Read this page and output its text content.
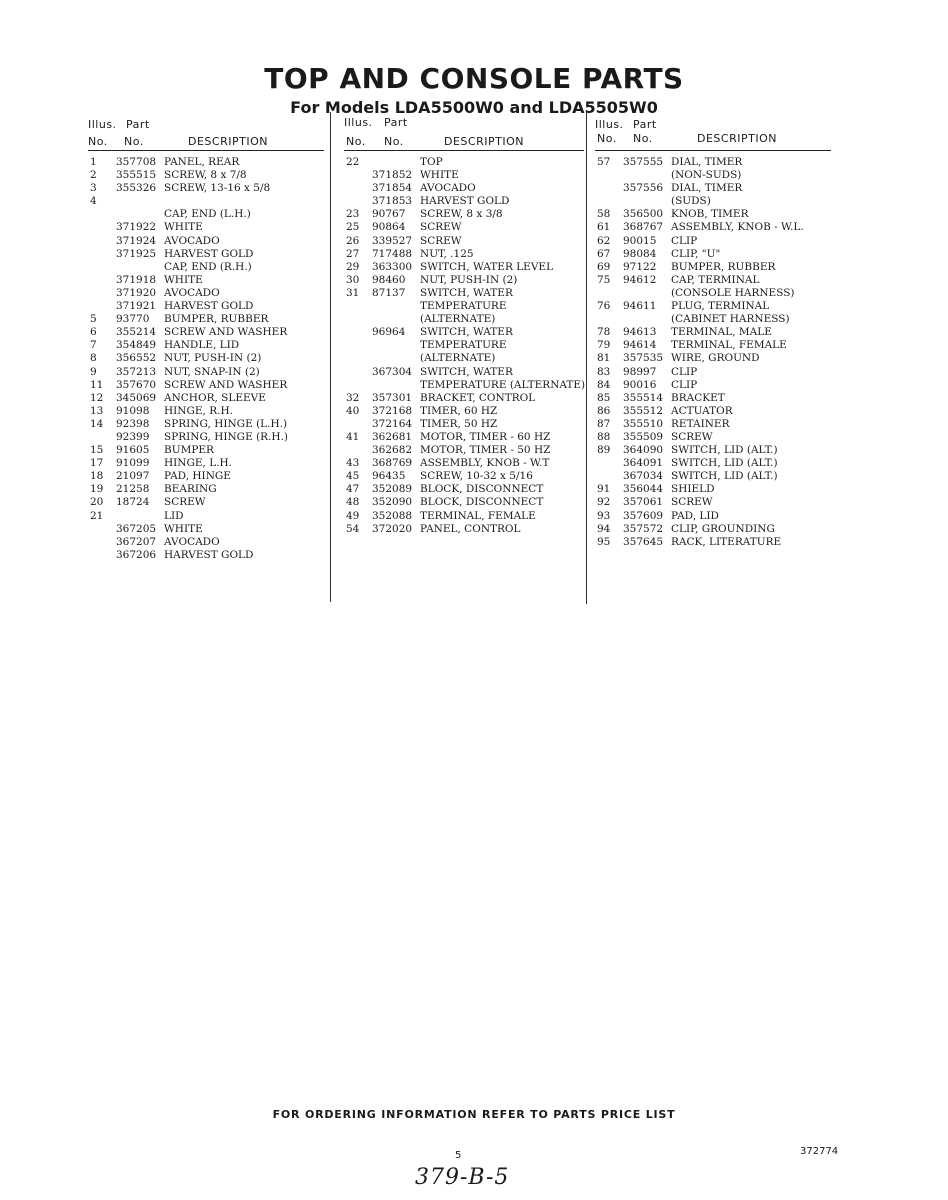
TOP AND CONSOLE PARTS
For Models LDA5500W0 and LDA5505W0
Illus. Part
No. No.	DESCRIPTION
1 357708 PANEL, REAR
2 355515 SCREW, 8 x 7/8
3 355326 SCREW, 13-16 x 5/8
4
CAP, END (L.H.)
371922 WHITE
371924 AVOCADO
371925 HARVEST GOLD
CAP, END (R.H.)
371918 WHITE
371920 AVOCADO
371921 HARVEST GOLD
5 93770 BUMPER, RUBBER
6 355214 SCREW AND WASHER
7 354849 HANDLE, LID
8 356552 NUT, PUSH-IN (2)
9 357213 NUT, SNAP-IN (2)
11 357670 SCREW AND WASHER
12 345069 ANCHOR, SLEEVE
13 91098 HINGE, R.H.
14 92398 SPRING, HINGE (L.H.)
92399 SPRING, HINGE (R.H.)
15 91605 BUMPER
17 91099 HINGE, L.H.
18 21097 PAD, HINGE
19 21258 BEARING
20 18724 SCREW
21	LID
367205 WHITE
367207 AVOCADO
367206 HARVEST GOLD
Illus. Part
No. No.	DESCRIPTION
22	TOP
371852 WHITE
371854 AVOCADO
371853 HARVEST GOLD
23 90767 SCREW, 8 x 3/8
25 90864 SCREW
26 339527 SCREW
27 717488 NUT, .125
29 363300 SWITCH, WATER LEVEL
30 98460 NUT, PUSH-IN (2)
31 87137 SWITCH, WATER
TEMPERATURE
(ALTERNATE)
96964 SWITCH, WATER
TEMPERATURE
(ALTERNATE)
367304 SWITCH, WATER
TEMPERATURE (ALTERNATE)
32 357301 BRACKET, CONTROL
40 372168 TIMER, 60 HZ
372164 TIMER, 50 HZ
41 362681 MOTOR, TIMER - 60 HZ
362682 MOTOR, TIMER - 50 HZ
43 368769 ASSEMBLY, KNOB - W.T
45 96435 SCREW, 10-32 x 5/16
47 352089 BLOCK, DISCONNECT
48 352090 BLOCK, DISCONNECT
49 352088 TERMINAL, FEMALE
54 372020 PANEL, CONTROL
Illus. Part
No. No.	DESCRIPTION
57 357555 DIAL, TIMER
(NON-SUDS)
357556 DIAL, TIMER
(SUDS)
58 356500 KNOB, TIMER
61 368767 ASSEMBLY, KNOB - W.L.
62 90015 CLIP
67 98084 CLIP, "U"
69 97122 BUMPER, RUBBER
75 94612 CAP, TERMINAL
(CONSOLE HARNESS)
76 94611 PLUG, TERMINAL
(CABINET HARNESS)
78 94613 TERMINAL, MALE
79 94614 TERMINAL, FEMALE
81 357535 WIRE, GROUND
83 98997 CLIP
84 90016 CLIP
85 355514 BRACKET
86 355512 ACTUATOR
87 355510 RETAINER
88 355509 SCREW
89 364090 SWITCH, LID (ALT.)
364091 SWITCH, LID (ALT.)
367034 SWITCH, LID (ALT.)
91 356044 SHIELD
92 357061 SCREW
93 357609 PAD, LID
94 357572 CLIP, GROUNDING
95 357645 RACK, LITERATURE
FOR ORDERING INFORMATION REFER TO PARTS PRICE LIST
5	372774
379-B-5
